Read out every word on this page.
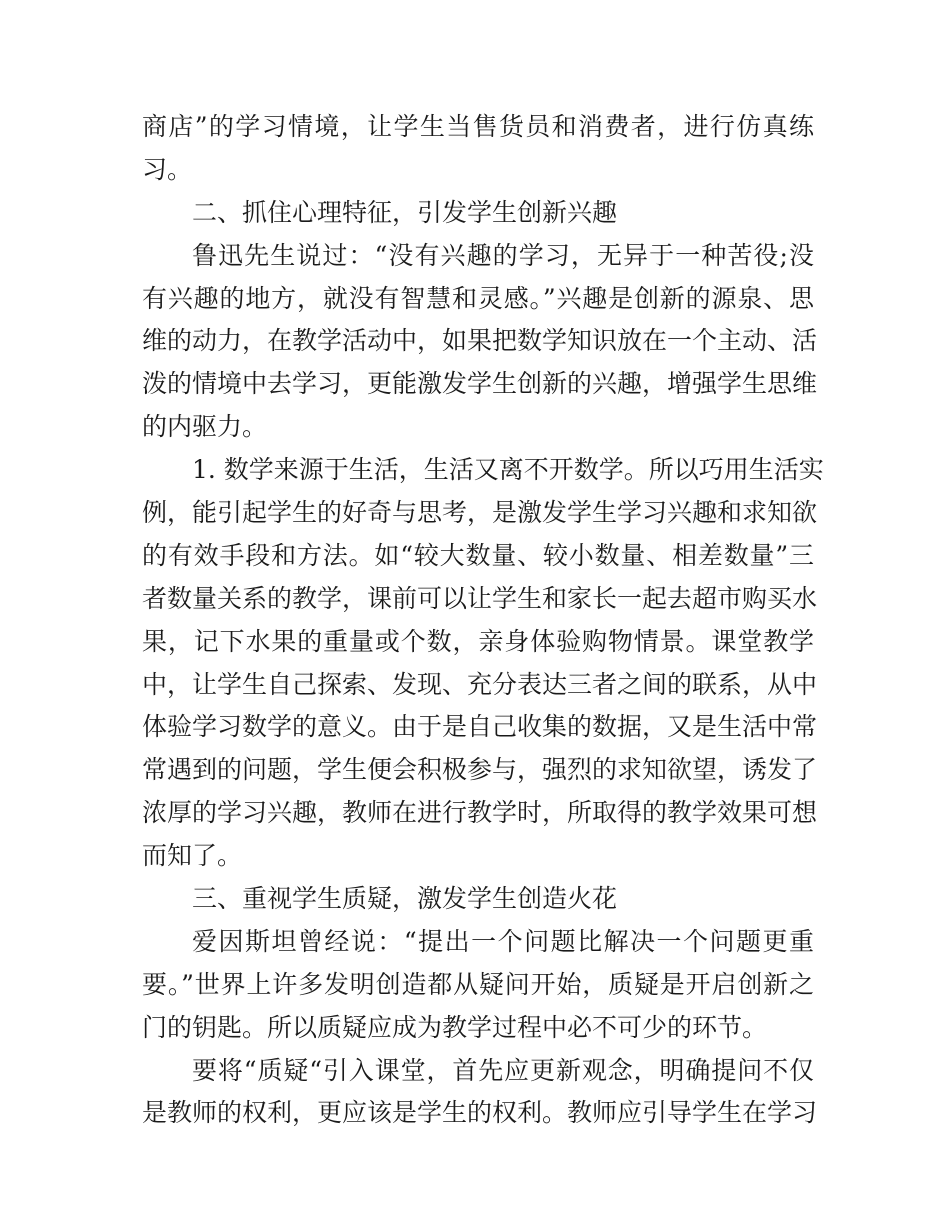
商店”的学习情境，让学生当售货员和消费者，进行仿真练
习。
二、抓住心理特征，引发学生创新兴趣
鲁迅先生说过：“没有兴趣的学习，无异于一种苦役;没
有兴趣的地方，就没有智慧和灵感。”兴趣是创新的源泉、思
维的动力，在教学活动中，如果把数学知识放在一个主动、活
泼的情境中去学习，更能激发学生创新的兴趣，增强学生思维
的内驱力。
1. 数学来源于生活，生活又离不开数学。所以巧用生活实
例，能引起学生的好奇与思考，是激发学生学习兴趣和求知欲
的有效手段和方法。如“较大数量、较小数量、相差数量”三
者数量关系的教学，课前可以让学生和家长一起去超市购买水
果，记下水果的重量或个数，亲身体验购物情景。课堂教学
中，让学生自己探索、发现、充分表达三者之间的联系，从中
体验学习数学的意义。由于是自己收集的数据，又是生活中常
常遇到的问题，学生便会积极参与，强烈的求知欲望，诱发了
浓厚的学习兴趣，教师在进行教学时，所取得的教学效果可想
而知了。
三、重视学生质疑，激发学生创造火花
爱因斯坦曾经说：“提出一个问题比解决一个问题更重
要。”世界上许多发明创造都从疑问开始，质疑是开启创新之
门的钥匙。所以质疑应成为教学过程中必不可少的环节。
要将“质疑“引入课堂，首先应更新观念，明确提问不仅
是教师的权利，更应该是学生的权利。教师应引导学生在学习
